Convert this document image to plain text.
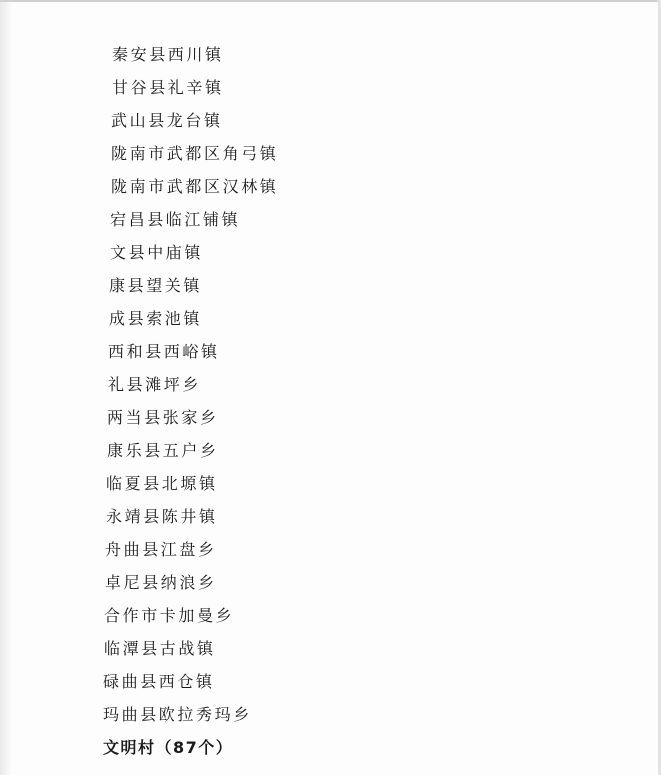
秦安县西川镇
甘谷县礼辛镇
武山县龙台镇
陇南市武都区角弓镇
陇南市武都区汉林镇
宕昌县临江铺镇
文县中庙镇
康县望关镇
成县索池镇
西和县西峪镇
礼县滩坪乡
两当县张家乡
康乐县五户乡
临夏县北塬镇
永靖县陈井镇
舟曲县江盘乡
卓尼县纳浪乡
合作市卡加曼乡
临潭县古战镇
碌曲县西仓镇
玛曲县欧拉秀玛乡
文明村（87个）
